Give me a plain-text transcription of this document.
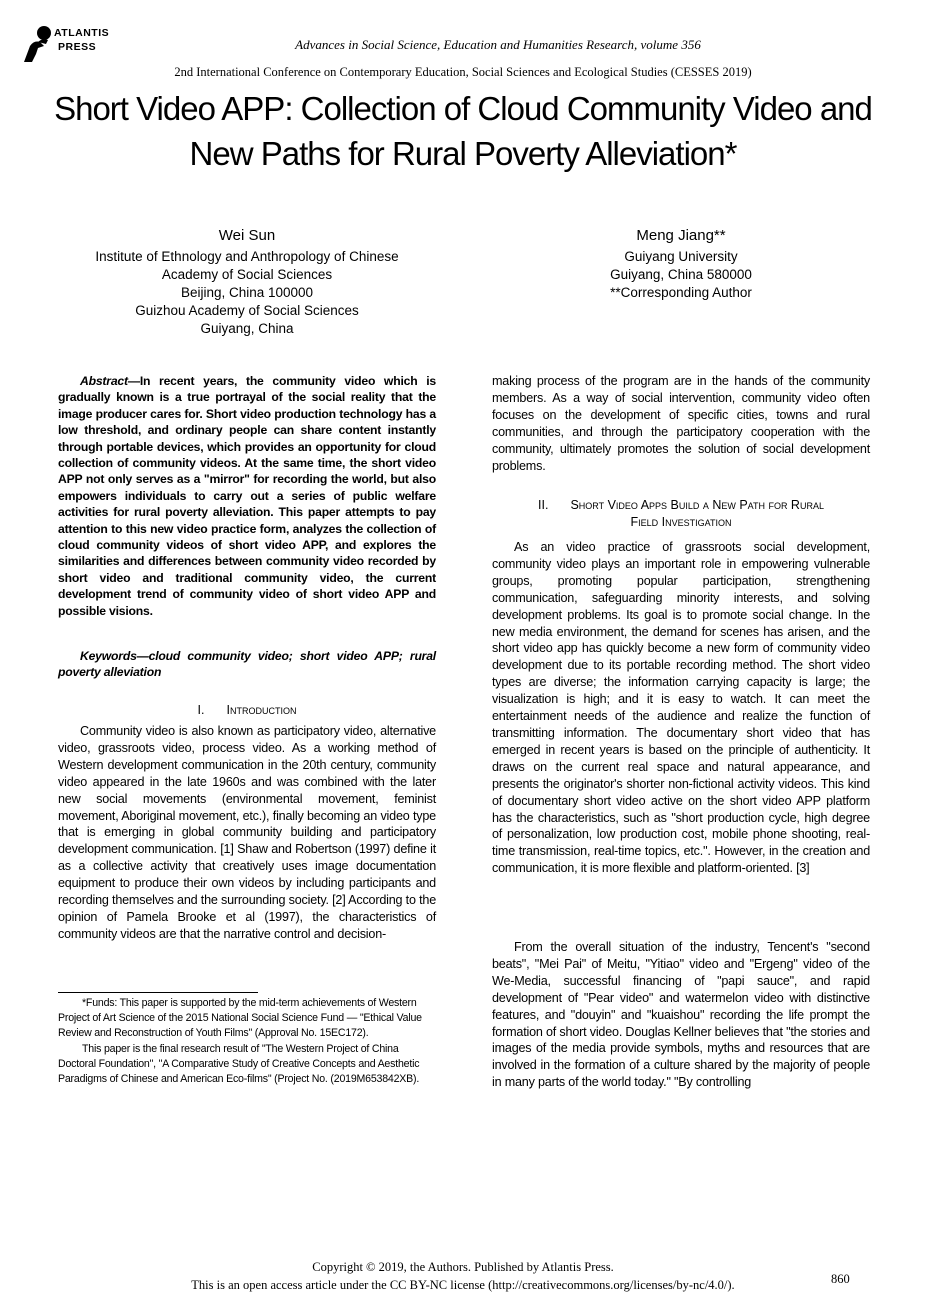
ATLANTIS
PRESS	Advances in Social Science, Education and Humanities Research, volume 356
2nd International Conference on Contemporary Education, Social Sciences and Ecological Studies (CESSES 2019)
Short Video APP: Collection of Cloud Community Video and New Paths for Rural Poverty Alleviation*
Wei Sun
Institute of Ethnology and Anthropology of Chinese
Academy of Social Sciences
Beijing, China 100000
Guizhou Academy of Social Sciences
Guiyang, China
Meng Jiang**
Guiyang University
Guiyang, China 580000
**Corresponding Author

Abstract—In recent years, the community video which is gradually known is a true portrayal of the social reality that the image producer cares for. Short video production technology has a low threshold, and ordinary people can share content instantly through portable devices, which provides an opportunity for cloud collection of community videos. At the same time, the short video APP not only serves as a "mirror" for recording the world, but also empowers individuals to carry out a series of public welfare activities for rural poverty alleviation. This paper attempts to pay attention to this new video practice form, analyzes the collection of cloud community videos of short video APP, and explores the similarities and differences between community video recorded by short video and traditional community video, the current development trend of community video of short video APP and possible visions.

Keywords—cloud community video; short video APP; rural poverty alleviation

I. Introduction

Community video is also known as participatory video, alternative video, grassroots video, process video. As a working method of Western development communication in the 20th century, community video appeared in the late 1960s and was combined with the later new social movements (environmental movement, feminist movement, Aboriginal movement, etc.), finally becoming an video type that is emerging in global community building and participatory development communication. [1] Shaw and Robertson (1997) define it as a collective activity that creatively uses image documentation equipment to produce their own videos by including participants and recording themselves and the surrounding society. [2] According to the opinion of Pamela Brooke et al (1997), the characteristics of community videos are that the narrative control and decision-

making process of the program are in the hands of the community members. As a way of social intervention, community video often focuses on the development of specific cities, towns and rural communities, and through the participatory cooperation with the community, ultimately promotes the solution of social development problems.

II. Short Video Apps Build a New Path for Rural
Field Investigation

As an video practice of grassroots social development, community video plays an important role in empowering vulnerable groups, promoting popular participation, strengthening communication, safeguarding minority interests, and solving development problems. Its goal is to promote social change. In the new media environment, the demand for scenes has arisen, and the short video app has quickly become a new form of community video development due to its portable recording method. The short video types are diverse; the information carrying capacity is large; the visualization is high; and it is easy to watch. It can meet the entertainment needs of the audience and realize the function of transmitting information. The documentary short video that has emerged in recent years is based on the principle of authenticity. It draws on the current real space and natural appearance, and presents the originator's shorter non-fictional activity videos. This kind of documentary short video active on the short video APP platform has the characteristics, such as "short production cycle, high degree of personalization, low production cost, mobile phone shooting, real-time transmission, real-time topics, etc.". However, in the creation and communication, it is more flexible and platform-oriented. [3]

From the overall situation of the industry, Tencent's "second beats", "Mei Pai" of Meitu, "Yitiao" video and "Ergeng" video of the We-Media, successful financing of "papi sauce", and rapid development of "Pear video" and watermelon video with distinctive features, and "douyin" and "kuaishou" recording the life prompt the formation of short video. Douglas Kellner believes that "the stories and images of the media provide symbols, myths and resources that are involved in the formation of a culture shared by the majority of people in many parts of the world today." "By controlling

*Funds: This paper is supported by the mid-term achievements of Western Project of Art Science of the 2015 National Social Science Fund — "Ethical Value Review and Reconstruction of Youth Films" (Approval No. 15EC172).

This paper is the final research result of "The Western Project of China Doctoral Foundation", "A Comparative Study of Creative Concepts and Aesthetic Paradigms of Chinese and American Eco-films" (Project No. (2019M653842XB).

Copyright © 2019, the Authors. Published by Atlantis Press.
This is an open access article under the CC BY-NC license (http://creativecommons.org/licenses/by-nc/4.0/).	860
